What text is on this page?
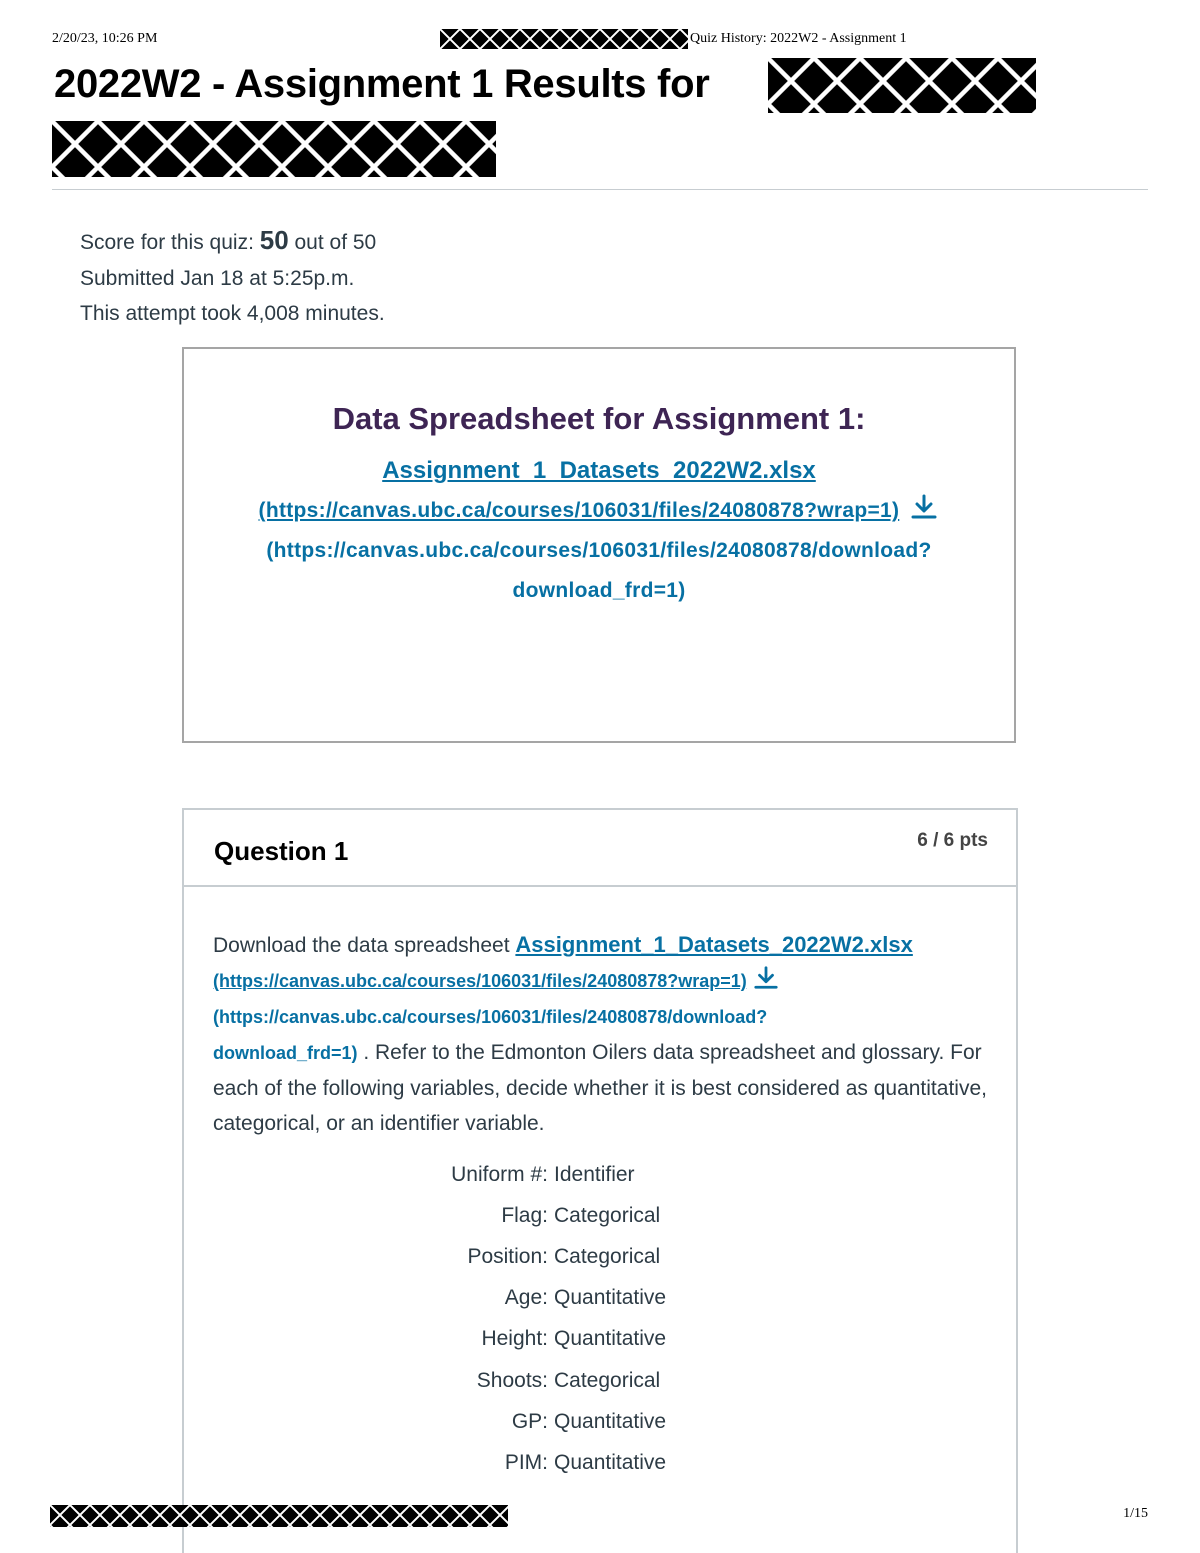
2/20/23, 10:26 PM	Quiz History: 2022W2 - Assignment 1
2022W2 - Assignment 1 Results for
Score for this quiz: 50 out of 50
Submitted Jan 18 at 5:25p.m.
This attempt took 4,008 minutes.
Data Spreadsheet for Assignment 1:
Assignment_1_Datasets_2022W2.xlsx
(https://canvas.ubc.ca/courses/106031/files/24080878?wrap=1)
(https://canvas.ubc.ca/courses/106031/files/24080878/download?
download_frd=1)
Question 1	6 / 6 pts
Download the data spreadsheet Assignment_1_Datasets_2022W2.xlsx
(https://canvas.ubc.ca/courses/106031/files/24080878?wrap=1)
(https://canvas.ubc.ca/courses/106031/files/24080878/download?
download_frd=1) . Refer to the Edmonton Oilers data spreadsheet and glossary. For each of the following variables, decide whether it is best considered as quantitative, categorical, or an identifier variable.
Uniform #: Identifier
Flag: Categorical
Position: Categorical
Age: Quantitative
Height: Quantitative
Shoots: Categorical
GP: Quantitative
PIM: Quantitative
1/15
